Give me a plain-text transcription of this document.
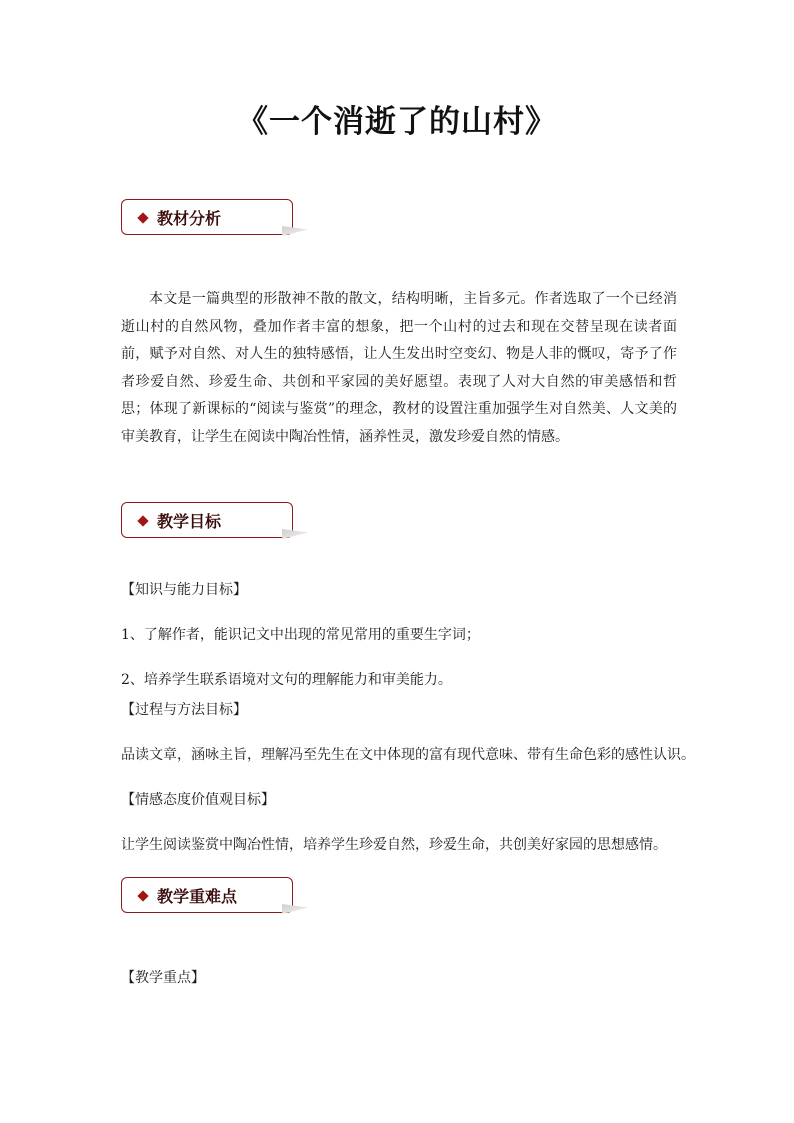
《一个消逝了的山村》
教材分析
本文是一篇典型的形散神不散的散文，结构明晰，主旨多元。作者选取了一个已经消逝山村的自然风物，叠加作者丰富的想象，把一个山村的过去和现在交替呈现在读者面前，赋予对自然、对人生的独特感悟，让人生发出时空变幻、物是人非的慨叹，寄予了作者珍爱自然、珍爱生命、共创和平家园的美好愿望。表现了人对大自然的审美感悟和哲思；体现了新课标的“阅读与鉴赏”的理念，教材的设置注重加强学生对自然美、人文美的审美教育，让学生在阅读中陶冶性情，涵养性灵，激发珍爱自然的情感。
教学目标
【知识与能力目标】
1、了解作者，能识记文中出现的常见常用的重要生字词；
2、培养学生联系语境对文句的理解能力和审美能力。
【过程与方法目标】
品读文章，涵咏主旨，理解冯至先生在文中体现的富有现代意味、带有生命色彩的感性认识。
【情感态度价值观目标】
让学生阅读鉴赏中陶冶性情，培养学生珍爱自然，珍爱生命，共创美好家园的思想感情。
教学重难点
【教学重点】
